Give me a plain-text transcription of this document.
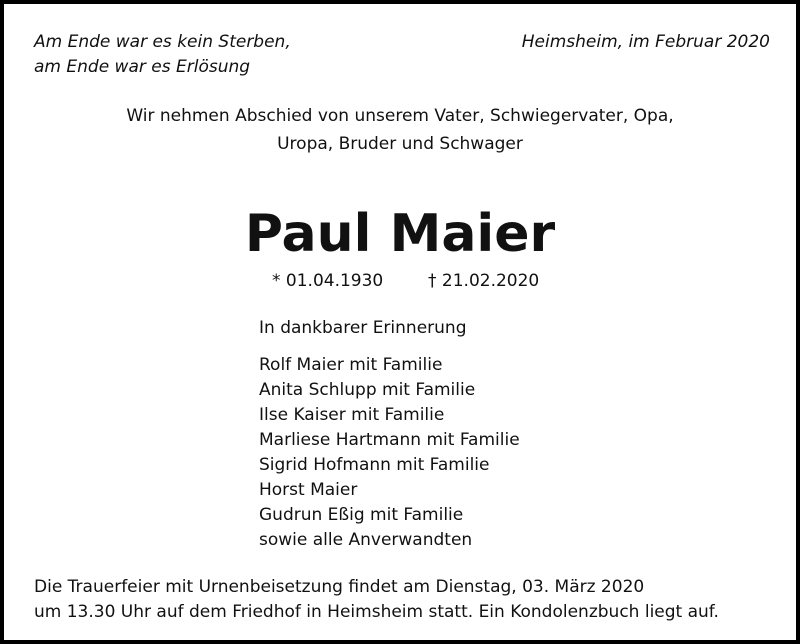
Am Ende war es kein Sterben,
am Ende war es Erlösung
Heimsheim, im Februar 2020
Wir nehmen Abschied von unserem Vater, Schwiegervater, Opa,
Uropa, Bruder und Schwager
Paul Maier
* 01.04.1930	† 21.02.2020
In dankbarer Erinnerung
Rolf Maier mit Familie
Anita Schlupp mit Familie
Ilse Kaiser mit Familie
Marliese Hartmann mit Familie
Sigrid Hofmann mit Familie
Horst Maier
Gudrun Eßig mit Familie
sowie alle Anverwandten
Die Trauerfeier mit Urnenbeisetzung findet am Dienstag, 03. März 2020
um 13.30 Uhr auf dem Friedhof in Heimsheim statt. Ein Kondolenzbuch liegt auf.
